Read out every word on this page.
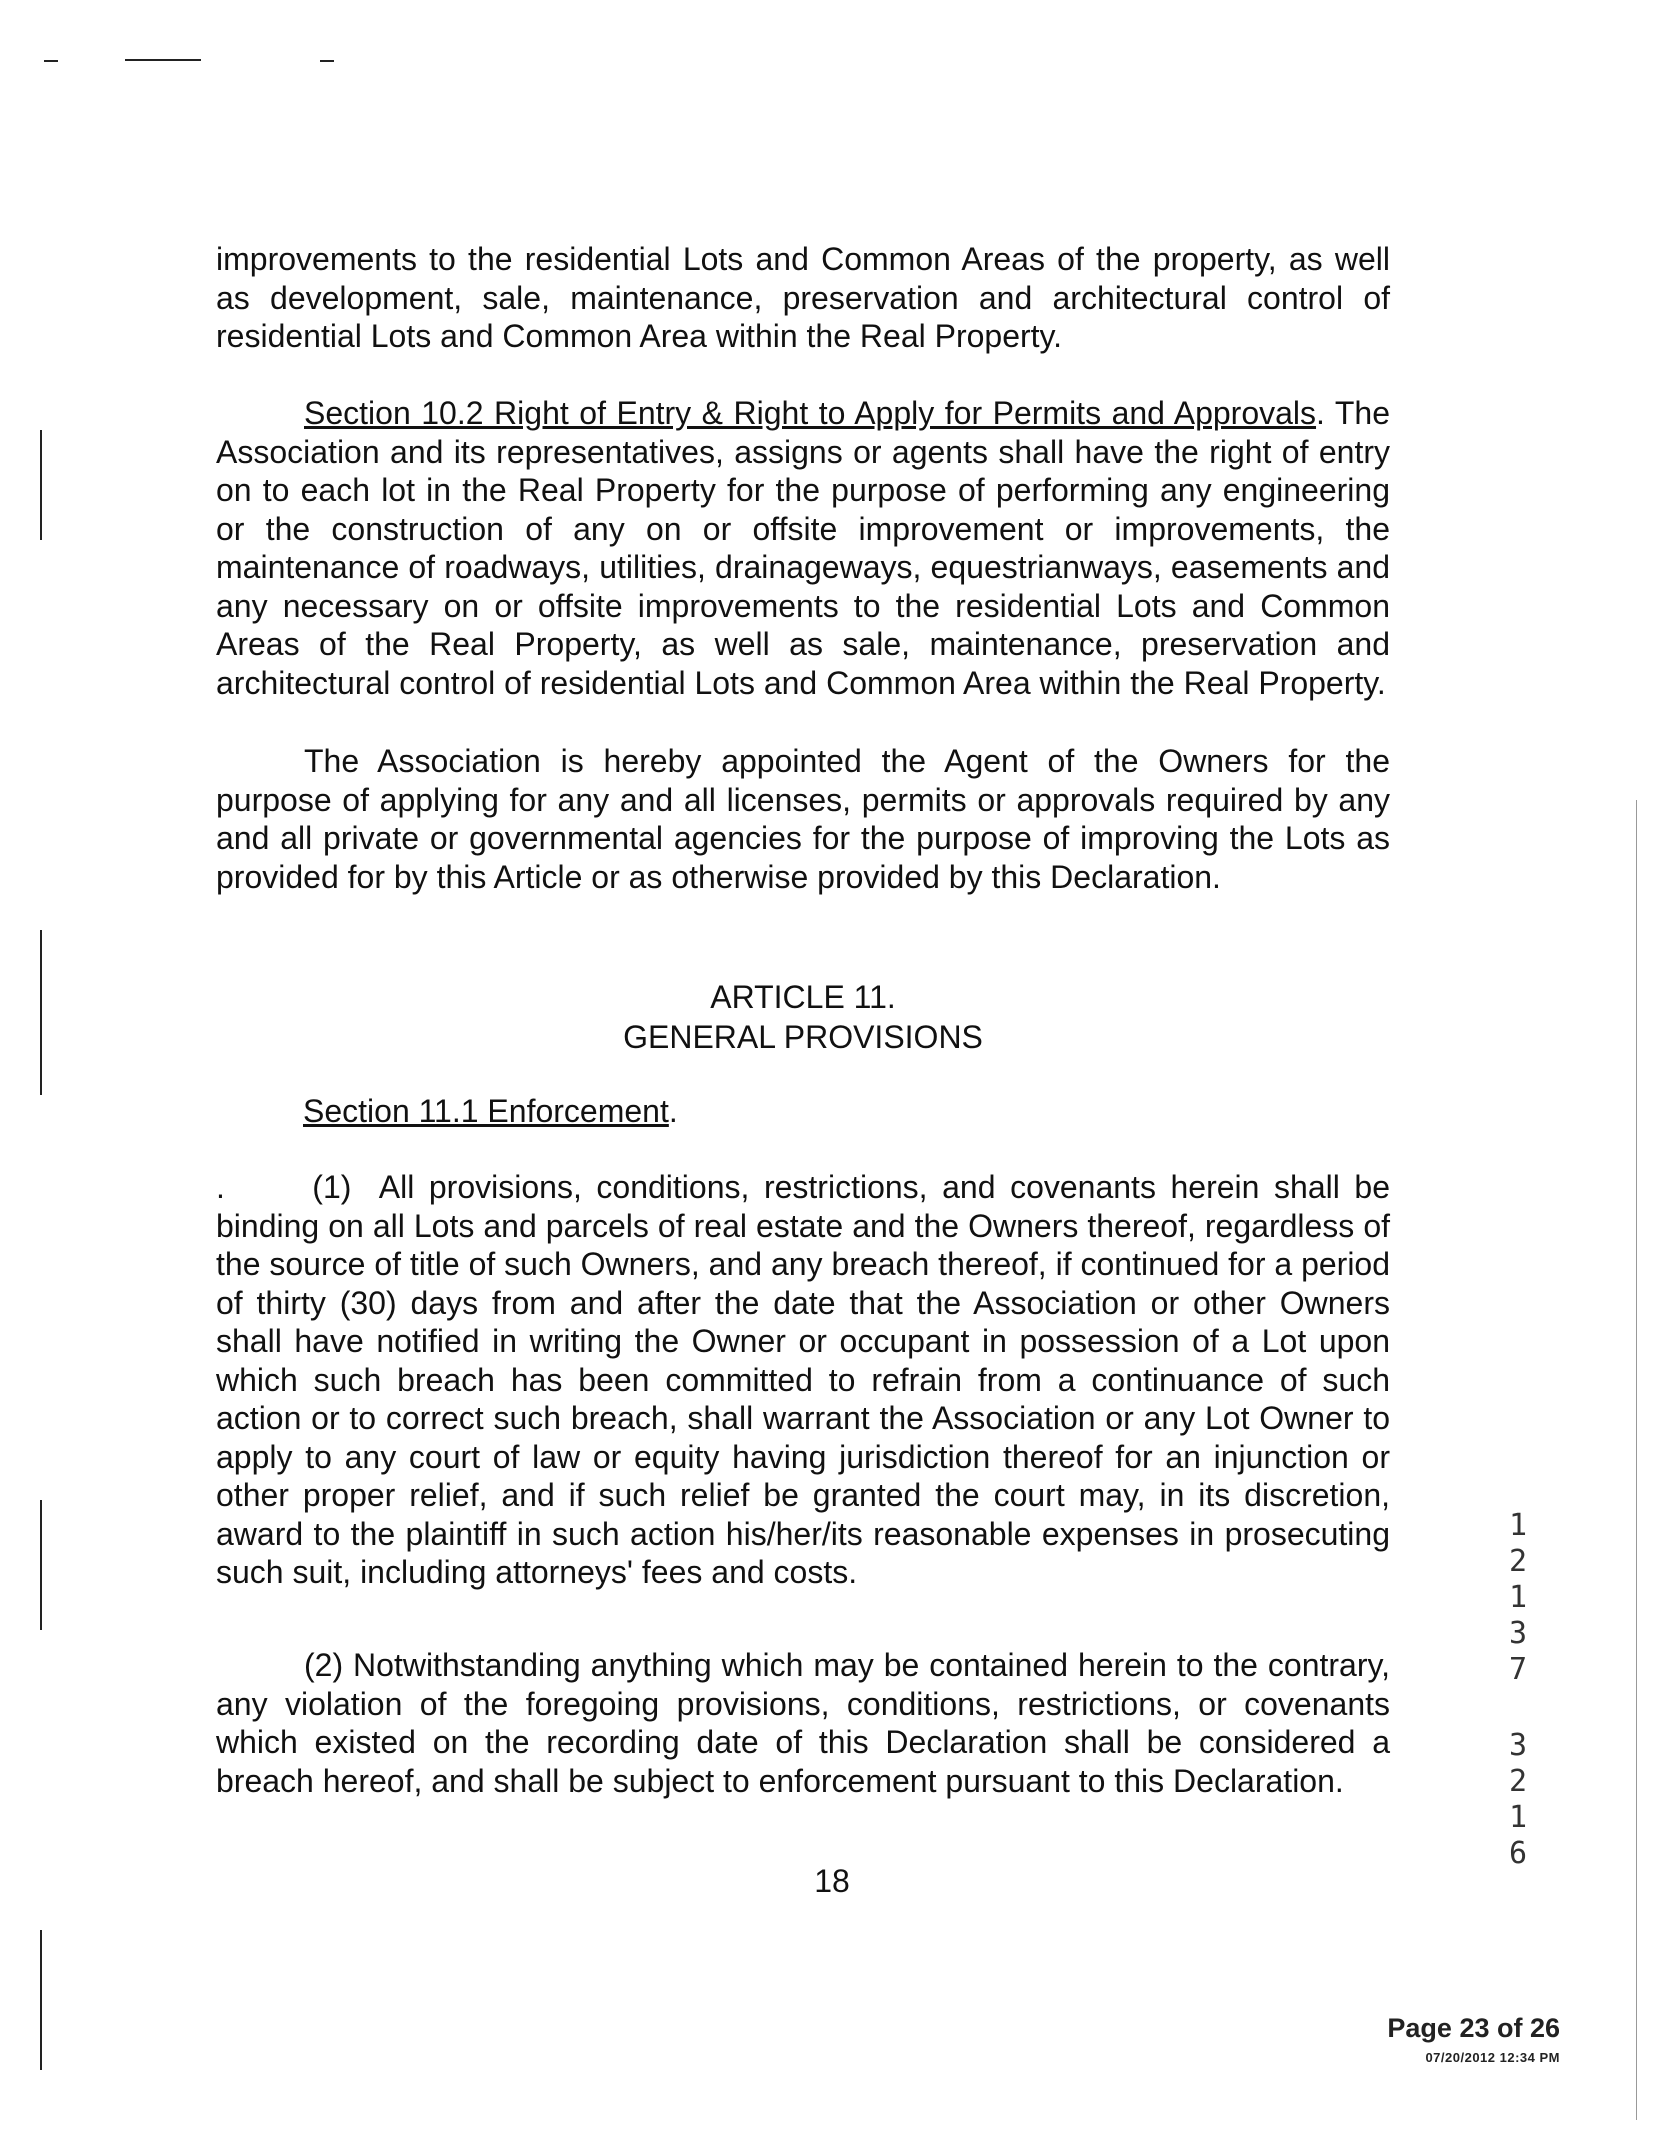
improvements to the residential Lots and Common Areas of the property, as well as development, sale, maintenance, preservation and architectural control of residential Lots and Common Area within the Real Property.
Section 10.2 Right of Entry & Right to Apply for Permits and Approvals. The Association and its representatives, assigns or agents shall have the right of entry on to each lot in the Real Property for the purpose of performing any engineering or the construction of any on or offsite improvement or improvements, the maintenance of roadways, utilities, drainageways, equestrianways, easements and any necessary on or offsite improvements to the residential Lots and Common Areas of the Real Property, as well as sale, maintenance, preservation and architectural control of residential Lots and Common Area within the Real Property.
The Association is hereby appointed the Agent of the Owners for the purpose of applying for any and all licenses, permits or approvals required by any and all private or governmental agencies for the purpose of improving the Lots as provided for by this Article or as otherwise provided by this Declaration.
ARTICLE 11.
GENERAL PROVISIONS
Section 11.1 Enforcement.
.      (1)  All provisions, conditions, restrictions, and covenants herein shall be binding on all Lots and parcels of real estate and the Owners thereof, regardless of the source of title of such Owners, and any breach thereof, if continued for a period of thirty (30) days from and after the date that the Association or other Owners shall have notified in writing the Owner or occupant in possession of a Lot upon which such breach has been committed to refrain from a continuance of such action or to correct such breach, shall warrant the Association or any Lot Owner to apply to any court of law or equity having jurisdiction thereof for an injunction or other proper relief, and if such relief be granted the court may, in its discretion, award to the plaintiff in such action his/her/its reasonable expenses in prosecuting such suit, including attorneys' fees and costs.
(2) Notwithstanding anything which may be contained herein to the contrary, any violation of the foregoing provisions, conditions, restrictions, or covenants which existed on the recording date of this Declaration shall be considered a breach hereof, and shall be subject to enforcement pursuant to this Declaration.
18
1
2
1
3
7
3
2
1
6
Page 23 of 26
07/20/2012 12:34 PM
